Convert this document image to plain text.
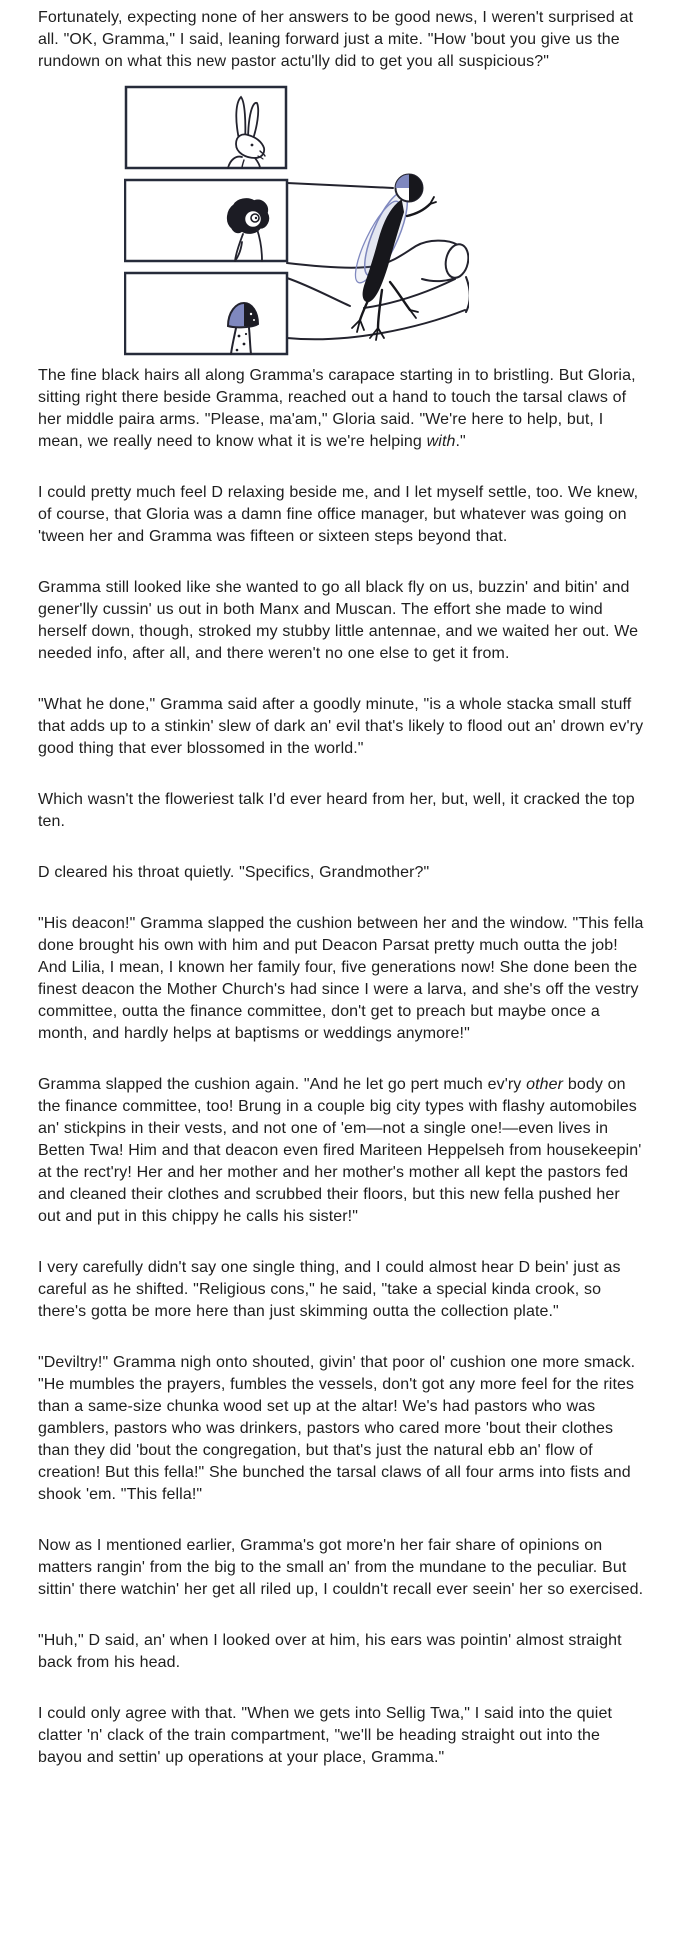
Fortunately, expecting none of her answers to be good news, I weren't surprised at all. "OK, Gramma," I said, leaning forward just a mite. "How 'bout you give us the rundown on what this new pastor actu'lly did to get you all suspicious?"

The fine black hairs all along Gramma's carapace starting in to bristling. But Gloria, sitting right there beside Gramma, reached out a hand to touch the tarsal claws of her middle paira arms. "Please, ma'am," Gloria said. "We're here to help, but, I mean, we really need to know what it is we're helping with."

I could pretty much feel D relaxing beside me, and I let myself settle, too. We knew, of course, that Gloria was a damn fine office manager, but whatever was going on 'tween her and Gramma was fifteen or sixteen steps beyond that.

Gramma still looked like she wanted to go all black fly on us, buzzin' and bitin' and gener'lly cussin' us out in both Manx and Muscan. The effort she made to wind herself down, though, stroked my stubby little antennae, and we waited her out. We needed info, after all, and there weren't no one else to get it from.

"What he done," Gramma said after a goodly minute, "is a whole stacka small stuff that adds up to a stinkin' slew of dark an' evil that's likely to flood out an' drown ev'ry good thing that ever blossomed in the world."

Which wasn't the floweriest talk I'd ever heard from her, but, well, it cracked the top ten.

D cleared his throat quietly. "Specifics, Grandmother?"

"His deacon!" Gramma slapped the cushion between her and the window. "This fella done brought his own with him and put Deacon Parsat pretty much outta the job! And Lilia, I mean, I known her family four, five generations now! She done been the finest deacon the Mother Church's had since I were a larva, and she's off the vestry committee, outta the finance committee, don't get to preach but maybe once a month, and hardly helps at baptisms or weddings anymore!"

Gramma slapped the cushion again. "And he let go pert much ev'ry other body on the finance committee, too! Brung in a couple big city types with flashy automobiles an' stickpins in their vests, and not one of 'em—not a single one!—even lives in Betten Twa! Him and that deacon even fired Mariteen Heppelseh from housekeepin' at the rect'ry! Her and her mother and her mother's mother all kept the pastors fed and cleaned their clothes and scrubbed their floors, but this new fella pushed her out and put in this chippy he calls his sister!"

I very carefully didn't say one single thing, and I could almost hear D bein' just as careful as he shifted. "Religious cons," he said, "take a special kinda crook, so there's gotta be more here than just skimming outta the collection plate."

"Deviltry!" Gramma nigh onto shouted, givin' that poor ol' cushion one more smack. "He mumbles the prayers, fumbles the vessels, don't got any more feel for the rites than a same-size chunka wood set up at the altar! We's had pastors who was gamblers, pastors who was drinkers, pastors who cared more 'bout their clothes than they did 'bout the congregation, but that's just the natural ebb an' flow of creation! But this fella!" She bunched the tarsal claws of all four arms into fists and shook 'em. "This fella!"

Now as I mentioned earlier, Gramma's got more'n her fair share of opinions on matters rangin' from the big to the small an' from the mundane to the peculiar. But sittin' there watchin' her get all riled up, I couldn't recall ever seein' her so exercised.

"Huh," D said, an' when I looked over at him, his ears was pointin' almost straight back from his head.

I could only agree with that. "When we gets into Sellig Twa," I said into the quiet clatter 'n' clack of the train compartment, "we'll be heading straight out into the bayou and settin' up operations at your place, Gramma."
